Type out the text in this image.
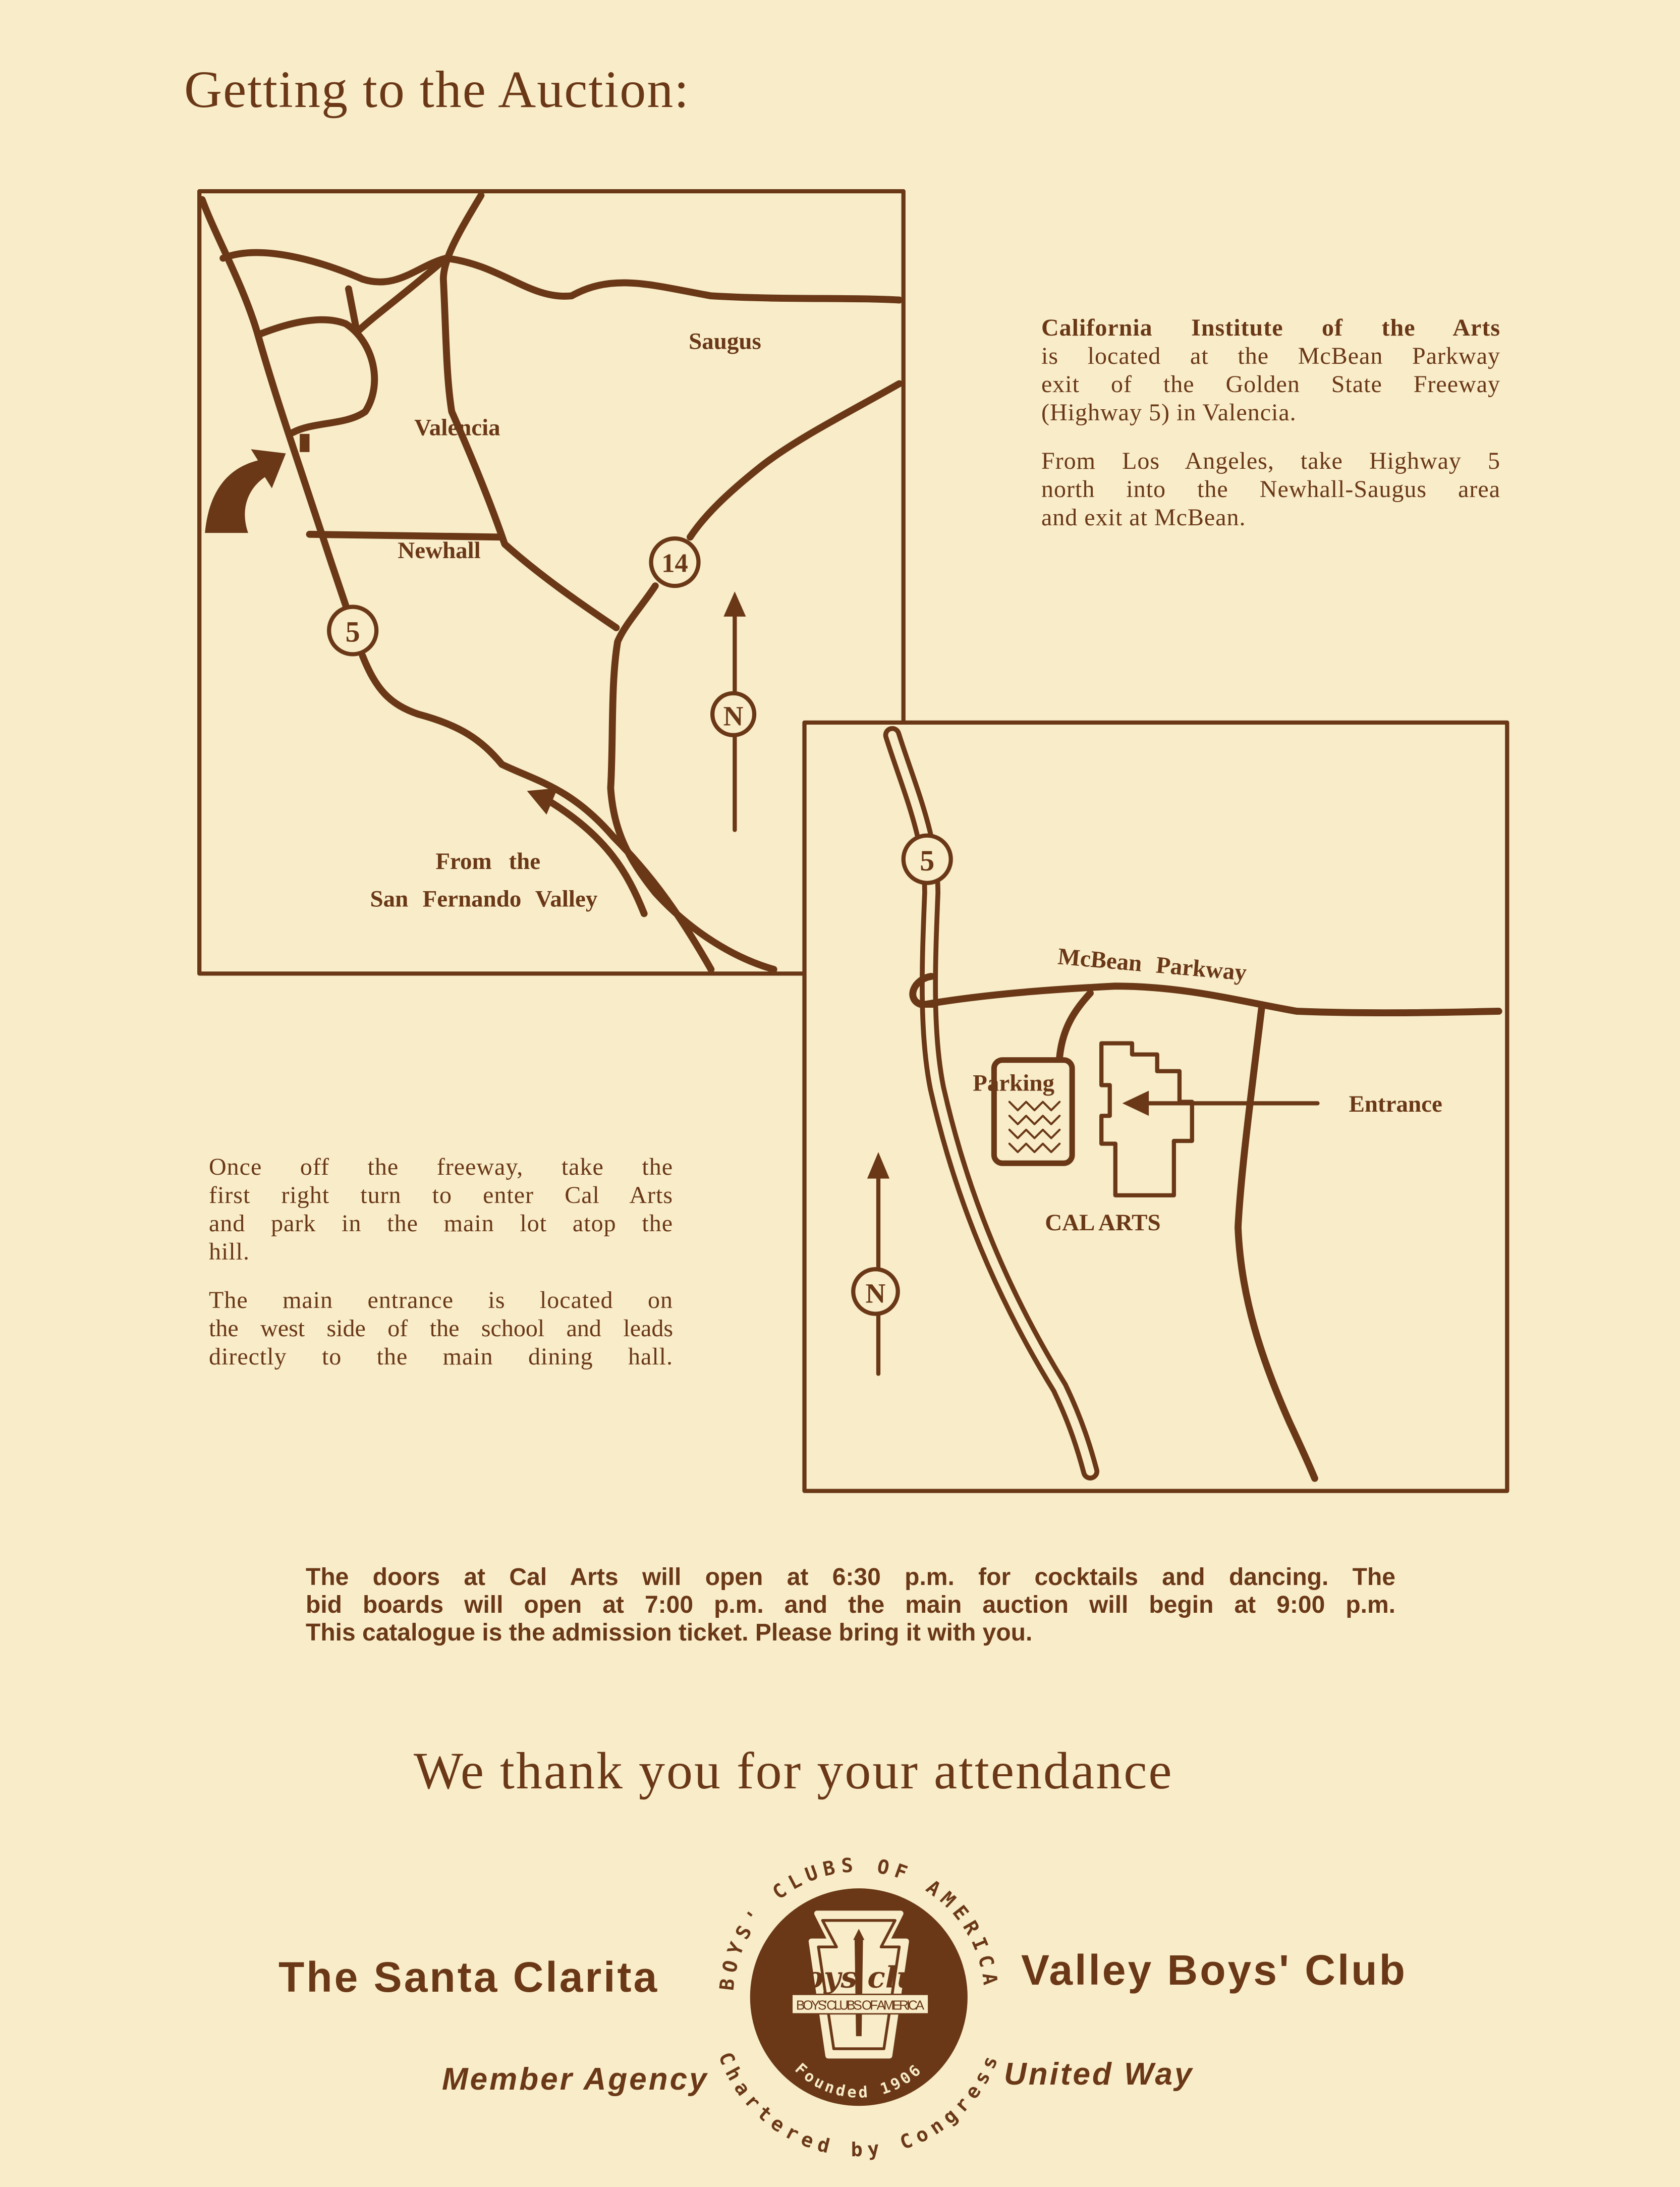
Getting to the Auction:
N
14
5
Saugus
Valencia
Newhall
From the
San Fernando Valley
N
5
McBean Parkway
Parking
Entrance
CAL ARTS
Boys club
BOYS' CLUBS OF AMERICA
BOYS' CLUBS OF AMERICA
Chartered by Congress
Founded 1906

California Institute of the Arts
is located at the McBean Parkway
exit of the Golden State Freeway
(Highway 5) in Valencia.

From Los Angeles, take Highway 5
north into the Newhall-Saugus area
and exit at McBean.

Once off the freeway, take the
first right turn to enter Cal Arts
and park in the main lot atop the
hill.

The main entrance is located on
the west side of the school and leads
directly to the main dining hall.

The doors at Cal Arts will open at 6:30 p.m. for cocktails and dancing. The
bid boards will open at 7:00 p.m. and the main auction will begin at 9:00 p.m.
This catalogue is the admission ticket. Please bring it with you.
We thank you for your attendance
The Santa Clarita	Valley Boys' Club
Member Agency	United Way
